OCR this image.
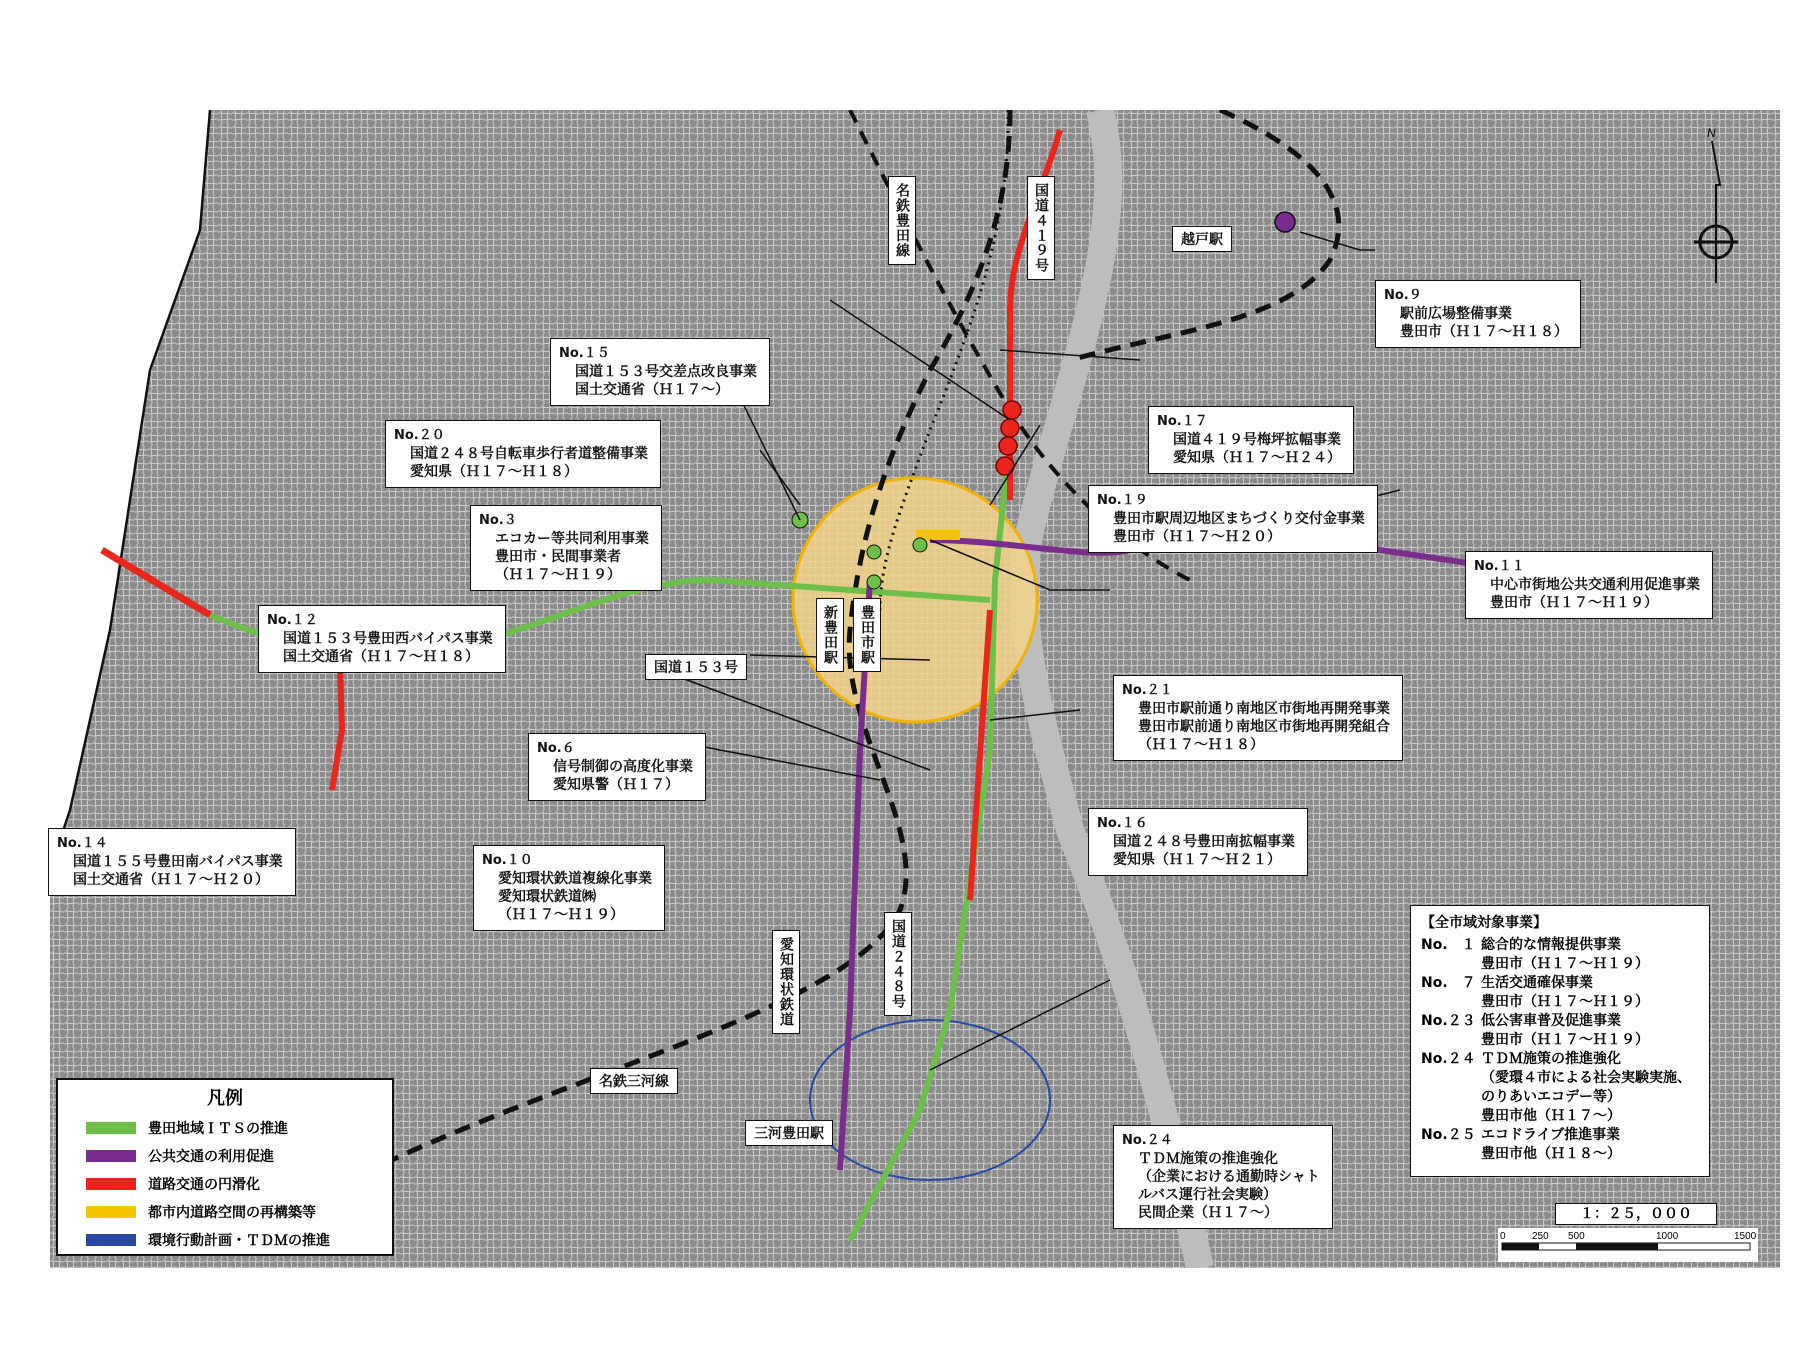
名鉄豊田線	国道４１９号
新豊田駅	豊田市駅
愛知環状鉄道	国道２４８号
越戸駅
国道１５３号
名鉄三河線
三河豊田駅
No.１５
国道１５３号交差点改良事業
国土交通省（Ｈ１７～）
No.２０
国道２４８号自転車歩行者道整備事業
愛知県（Ｈ１７～Ｈ１８）
No.３
エコカー等共同利用事業
豊田市・民間事業者
（Ｈ１７～Ｈ１９）
No.１２
国道１５３号豊田西バイパス事業
国土交通省（Ｈ１７～Ｈ１８）
No.１４
国道１５５号豊田南バイパス事業
国土交通省（Ｈ１７～Ｈ２０）
No.６
信号制御の高度化事業
愛知県警（Ｈ１７）
No.１０
愛知環状鉄道複線化事業
愛知環状鉄道㈱
（Ｈ１７～Ｈ１９）
No.９
駅前広場整備事業
豊田市（Ｈ１７～Ｈ１８）
No.１７
国道４１９号梅坪拡幅事業
愛知県（Ｈ１７～Ｈ２４）
No.１９
豊田市駅周辺地区まちづくり交付金事業
豊田市（Ｈ１７～Ｈ２０）
No.１１
中心市街地公共交通利用促進事業
豊田市（Ｈ１７～Ｈ１９）
No.２１
豊田市駅前通り南地区市街地再開発事業
豊田市駅前通り南地区市街地再開発組合
（Ｈ１７～Ｈ１８）
No.１６
国道２４８号豊田南拡幅事業
愛知県（Ｈ１７～Ｈ２１）
No.２４
ＴＤＭ施策の推進強化
（企業における通勤時シャト
ルバス運行社会実験）
民間企業（Ｈ１７～）
【全市域対象事業】
No.　１ 総合的な情報提供事業
豊田市（Ｈ１７～Ｈ１９）
No.　７ 生活交通確保事業
豊田市（Ｈ１７～Ｈ１９）
No.２３ 低公害車普及促進事業
豊田市（Ｈ１７～Ｈ１９）
No.２４ ＴＤＭ施策の推進強化
（愛環４市による社会実験実施、
のりあいエコデー等）
豊田市他（Ｈ１７～）
No.２５ エコドライブ推進事業
豊田市他（Ｈ１８～）
１：２５，０００
0	250 500	1000	1500
N
凡例
豊田地域ＩＴＳの推進
公共交通の利用促進
道路交通の円滑化
都市内道路空間の再構築等
環境行動計画・ＴＤＭの推進
